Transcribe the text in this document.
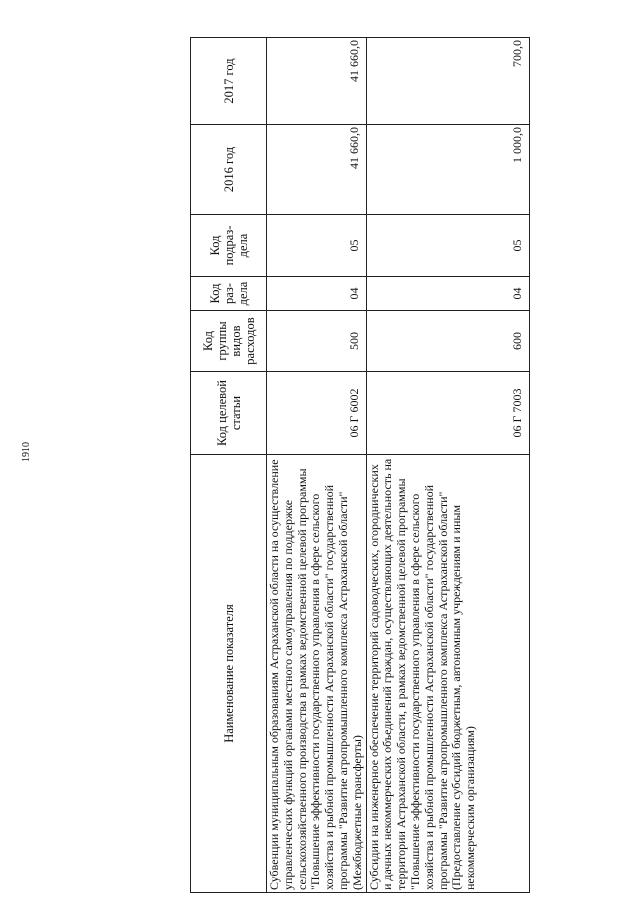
1910
Наименование показателя	Код целевой статьи	Код группы видов расходов	Код раз-дела	Код подраз-дела	2016 год	2017 год
Субвенции муниципальным образованиям Астраханской области на осуществление управленческих функций органами местного самоуправления по поддержке сельскохозяйственного производства в рамках ведомственной целевой программы "Повышение эффективности государственного управления в сфере сельского хозяйства и рыбной промышленности Астраханской области" государственной программы "Развитие агропромышленного комплекса Астраханской области" (Межбюджетные трансферты)	06 Г 6002	500	04	05	41 660,0	41 660,0
Субсидии на инженерное обеспечение территорий садоводческих, огороднических и дачных некоммерческих объединений граждан, осуществляющих деятельность на территории Астраханской области, в рамках ведомственной целевой программы "Повышение эффективности государственного управления в сфере сельского хозяйства и рыбной промышленности Астраханской области" государственной программы "Развитие агропромышленного комплекса Астраханской области" (Предоставление субсидий бюджетным, автономным учреждениям и иным некоммерческим организациям)	06 Г 7003	600	04	05	1 000,0	700,0
